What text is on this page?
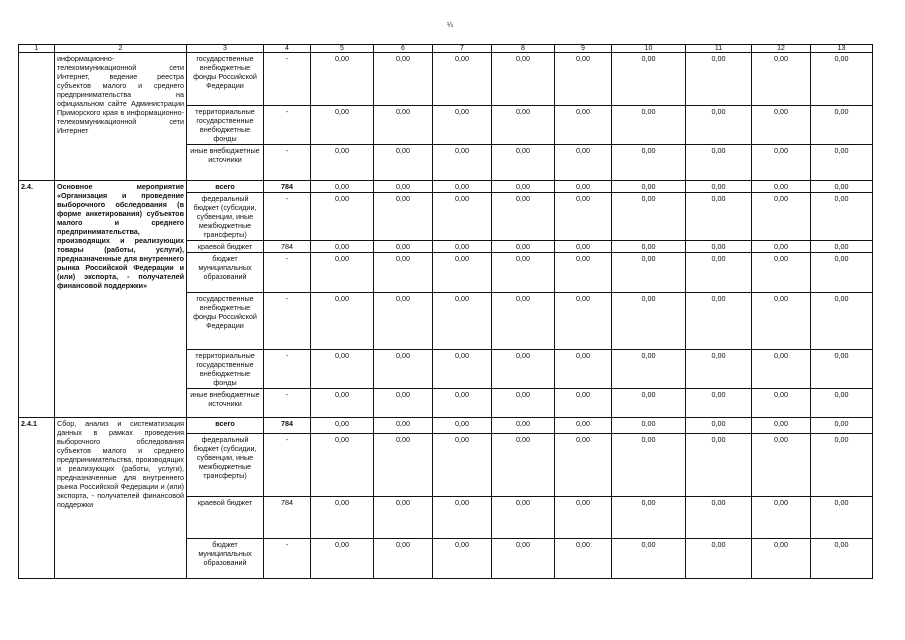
¼
1	2	3	4	5	6	7	8	9	10	11	12	13
	информационно-телекоммуникационной сети Интернет, ведение реестра субъектов малого и среднего предпринимательства на официальном сайте Администрации Приморского края в информационно-телекоммуникационной сети Интернет	государственные внебюджетные фонды Российской Федерации	-	0,00	0,00	0,00	0,00	0,00	0,00	0,00	0,00	0,00
		территориальные государственные внебюджетные фонды	-	0,00	0,00	0,00	0,00	0,00	0,00	0,00	0,00	0,00
		иные внебюджетные источники	-	0,00	0,00	0,00	0,00	0,00	0,00	0,00	0,00	0,00
2.4.	Основное мероприятие «Организация и проведение выборочного обследования (в форме анкетирования) субъектов малого и среднего предпринимательства, производящих и реализующих товары (работы, услуги), предназначенные для внутреннего рынка Российской Федерации и (или) экспорта, - получателей финансовой поддержки»	всего	784	0,00	0,00	0,00	0,00	0,00	0,00	0,00	0,00	0,00
		федеральный бюджет (субсидии, субвенции, иные межбюджетные трансферты)	-	0,00	0,00	0,00	0,00	0,00	0,00	0,00	0,00	0,00
		краевой бюджет	784	0,00	0,00	0,00	0,00	0,00	0,00	0,00	0,00	0,00
		бюджет муниципальных образований	-	0,00	0,00	0,00	0,00	0,00	0,00	0,00	0,00	0,00
		государственные внебюджетные фонды Российской Федерации	-	0,00	0,00	0,00	0,00	0,00	0,00	0,00	0,00	0,00
		территориальные государственные внебюджетные фонды	-	0,00	0,00	0,00	0,00	0,00	0,00	0,00	0,00	0,00
		иные внебюджетные источники	-	0,00	0,00	0,00	0,00	0,00	0,00	0,00	0,00	0,00
2.4.1	Сбор, анализ и систематизация данных в рамках проведения выборочного обследования субъектов малого и среднего предпринимательства, производящих и реализующих (работы, услуги), предназначенные для внутреннего рынка Российской Федерации и (или) экспорта, - получателей финансовой поддержки	всего	784	0,00	0,00	0,00	0,00	0,00	0,00	0,00	0,00	0,00
		федеральный бюджет (субсидии, субвенции, иные межбюджетные трансферты)	-	0,00	0,00	0,00	0,00	0,00	0,00	0,00	0,00	0,00
		краевой бюджет	784	0,00	0,00	0,00	0,00	0,00	0,00	0,00	0,00	0,00
		бюджет муниципальных образований	-	0,00	0,00	0,00	0,00	0,00	0,00	0,00	0,00	0,00
